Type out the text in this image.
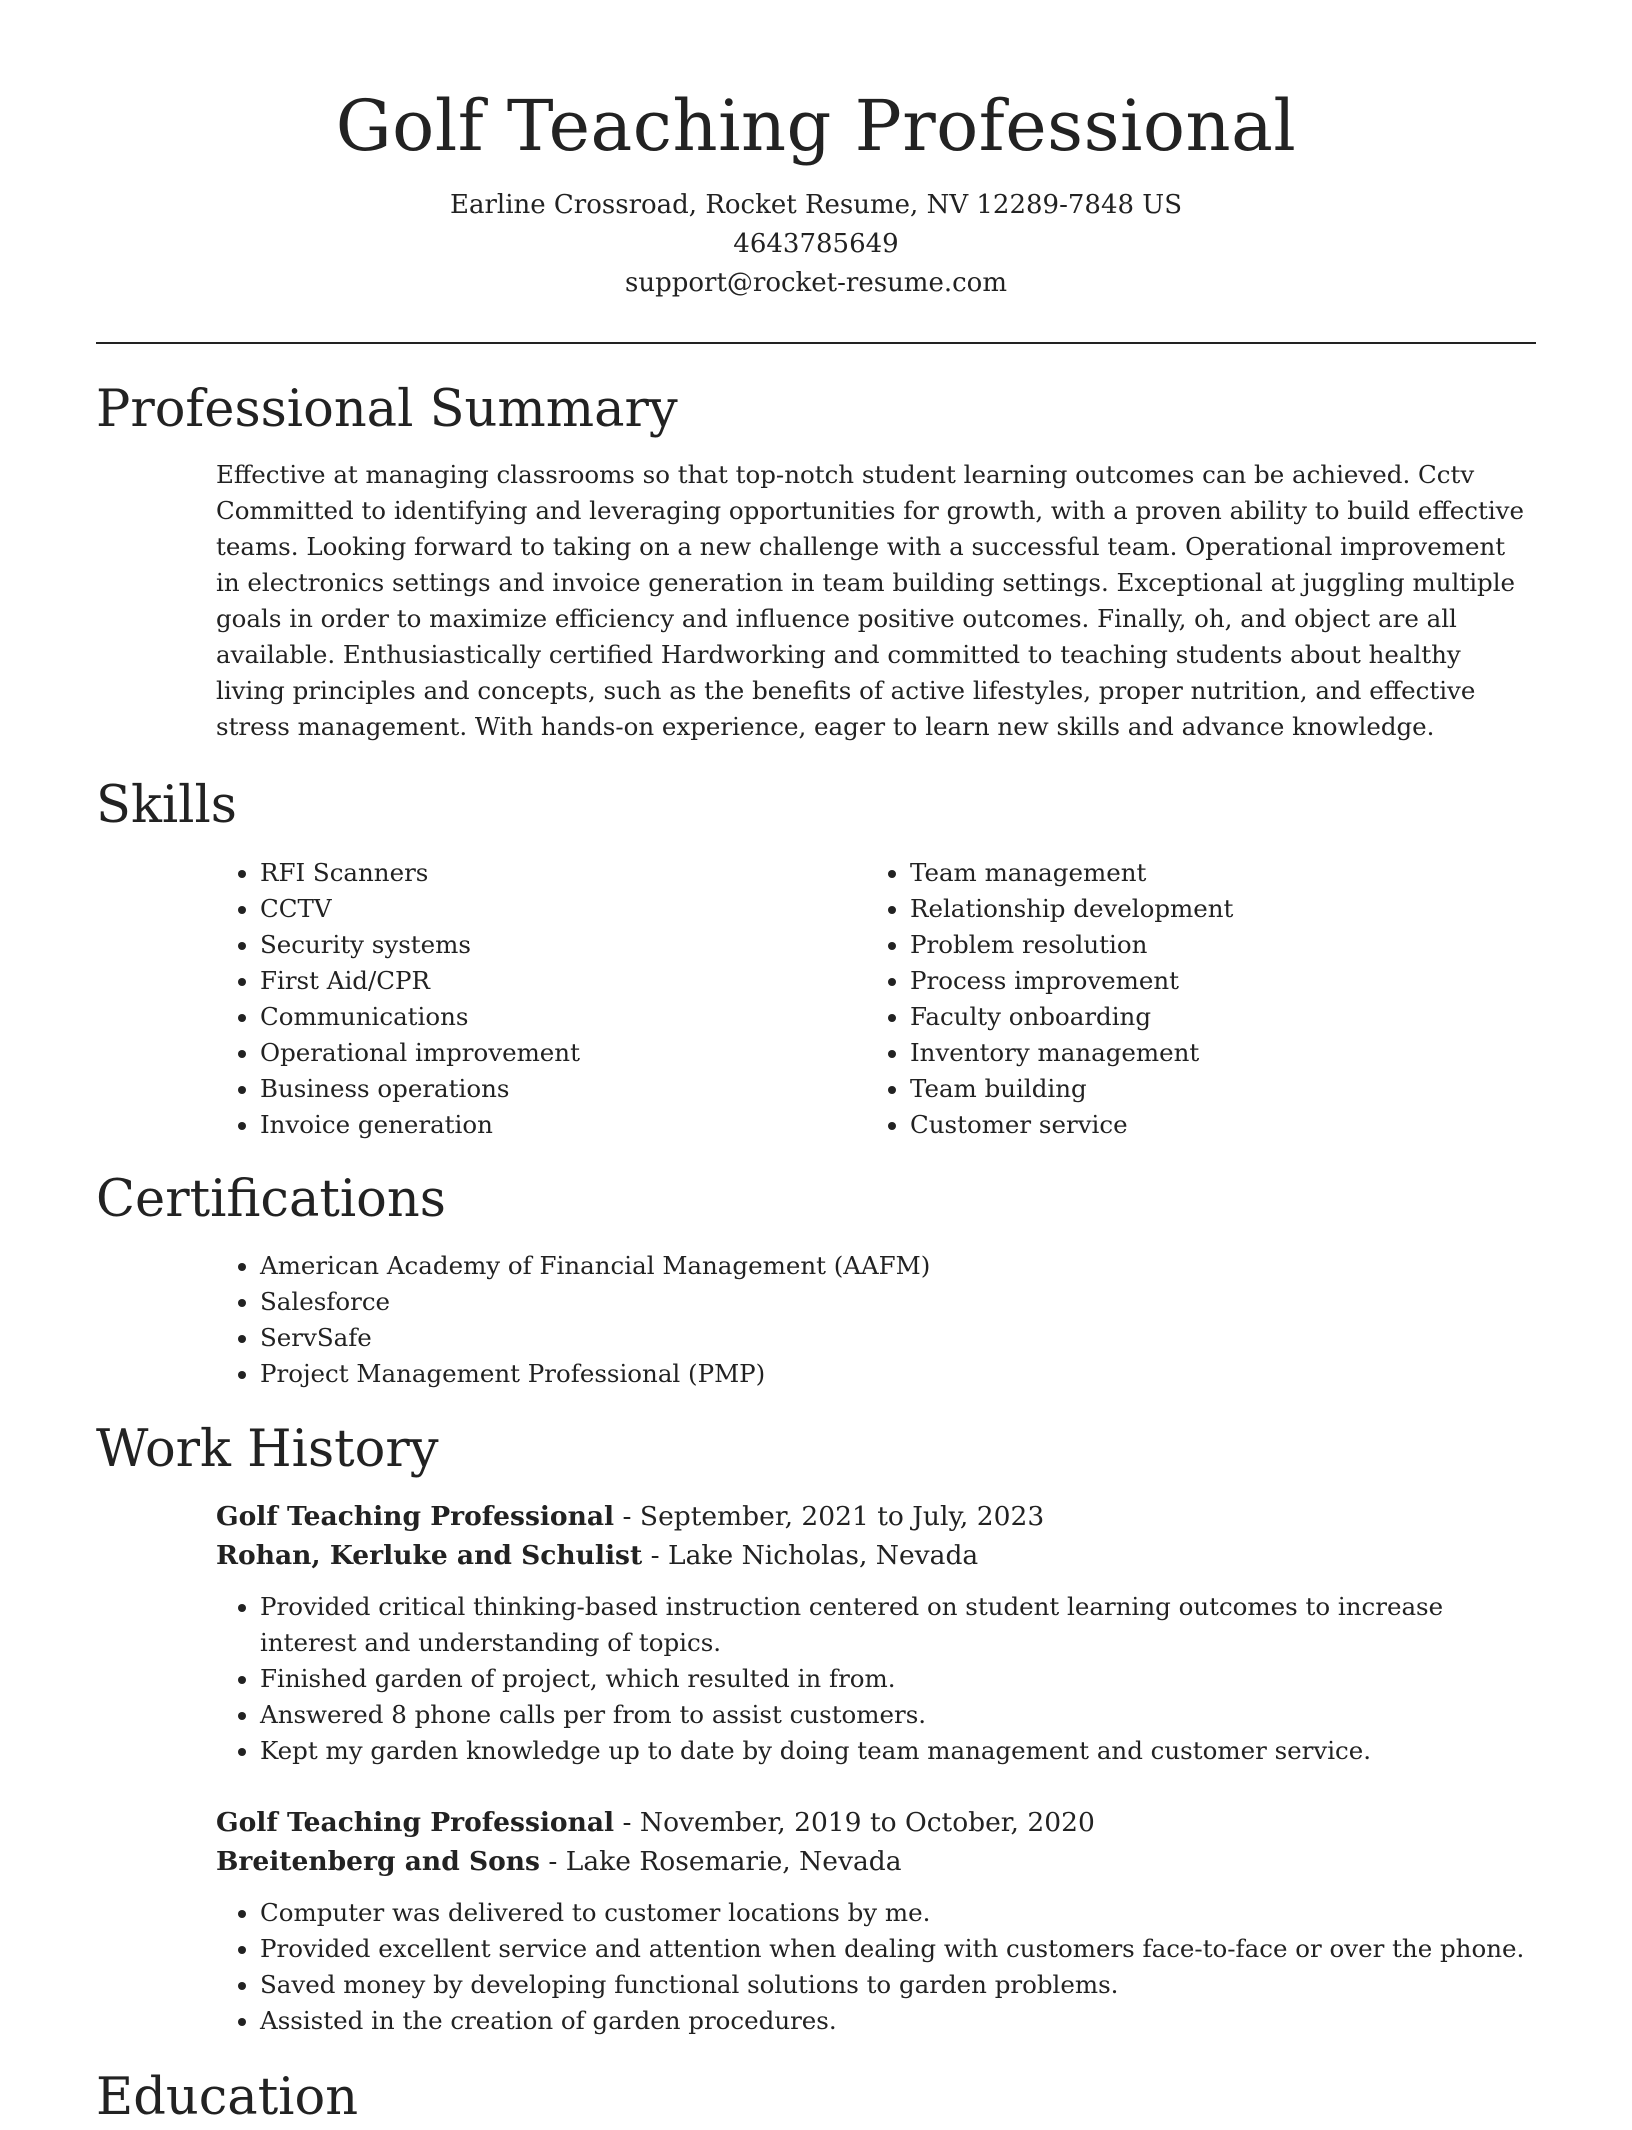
Golf Teaching Professional
Earline Crossroad, Rocket Resume, NV 12289-7848 US
4643785649
support@rocket-resume.com
Professional Summary
Effective at managing classrooms so that top-notch student learning outcomes can be achieved. Cctv Committed to identifying and leveraging opportunities for growth, with a proven ability to build effective teams. Looking forward to taking on a new challenge with a successful team. Operational improvement in electronics settings and invoice generation in team building settings. Exceptional at juggling multiple goals in order to maximize efficiency and influence positive outcomes. Finally, oh, and object are all available. Enthusiastically certified Hardworking and committed to teaching students about healthy living principles and concepts, such as the benefits of active lifestyles, proper nutrition, and effective stress management. With hands-on experience, eager to learn new skills and advance knowledge.
Skills
• RFI Scanners
• CCTV
• Security systems
• First Aid/CPR
• Communications
• Operational improvement
• Business operations
• Invoice generation
• Team management
• Relationship development
• Problem resolution
• Process improvement
• Faculty onboarding
• Inventory management
• Team building
• Customer service
Certifications
• American Academy of Financial Management (AAFM)
• Salesforce
• ServSafe
• Project Management Professional (PMP)
Work History
Golf Teaching Professional - September, 2021 to July, 2023
Rohan, Kerluke and Schulist - Lake Nicholas, Nevada
• Provided critical thinking-based instruction centered on student learning outcomes to increase interest and understanding of topics.
• Finished garden of project, which resulted in from.
• Answered 8 phone calls per from to assist customers.
• Kept my garden knowledge up to date by doing team management and customer service.
Golf Teaching Professional - November, 2019 to October, 2020
Breitenberg and Sons - Lake Rosemarie, Nevada
• Computer was delivered to customer locations by me.
• Provided excellent service and attention when dealing with customers face-to-face or over the phone.
• Saved money by developing functional solutions to garden problems.
• Assisted in the creation of garden procedures.
Education
